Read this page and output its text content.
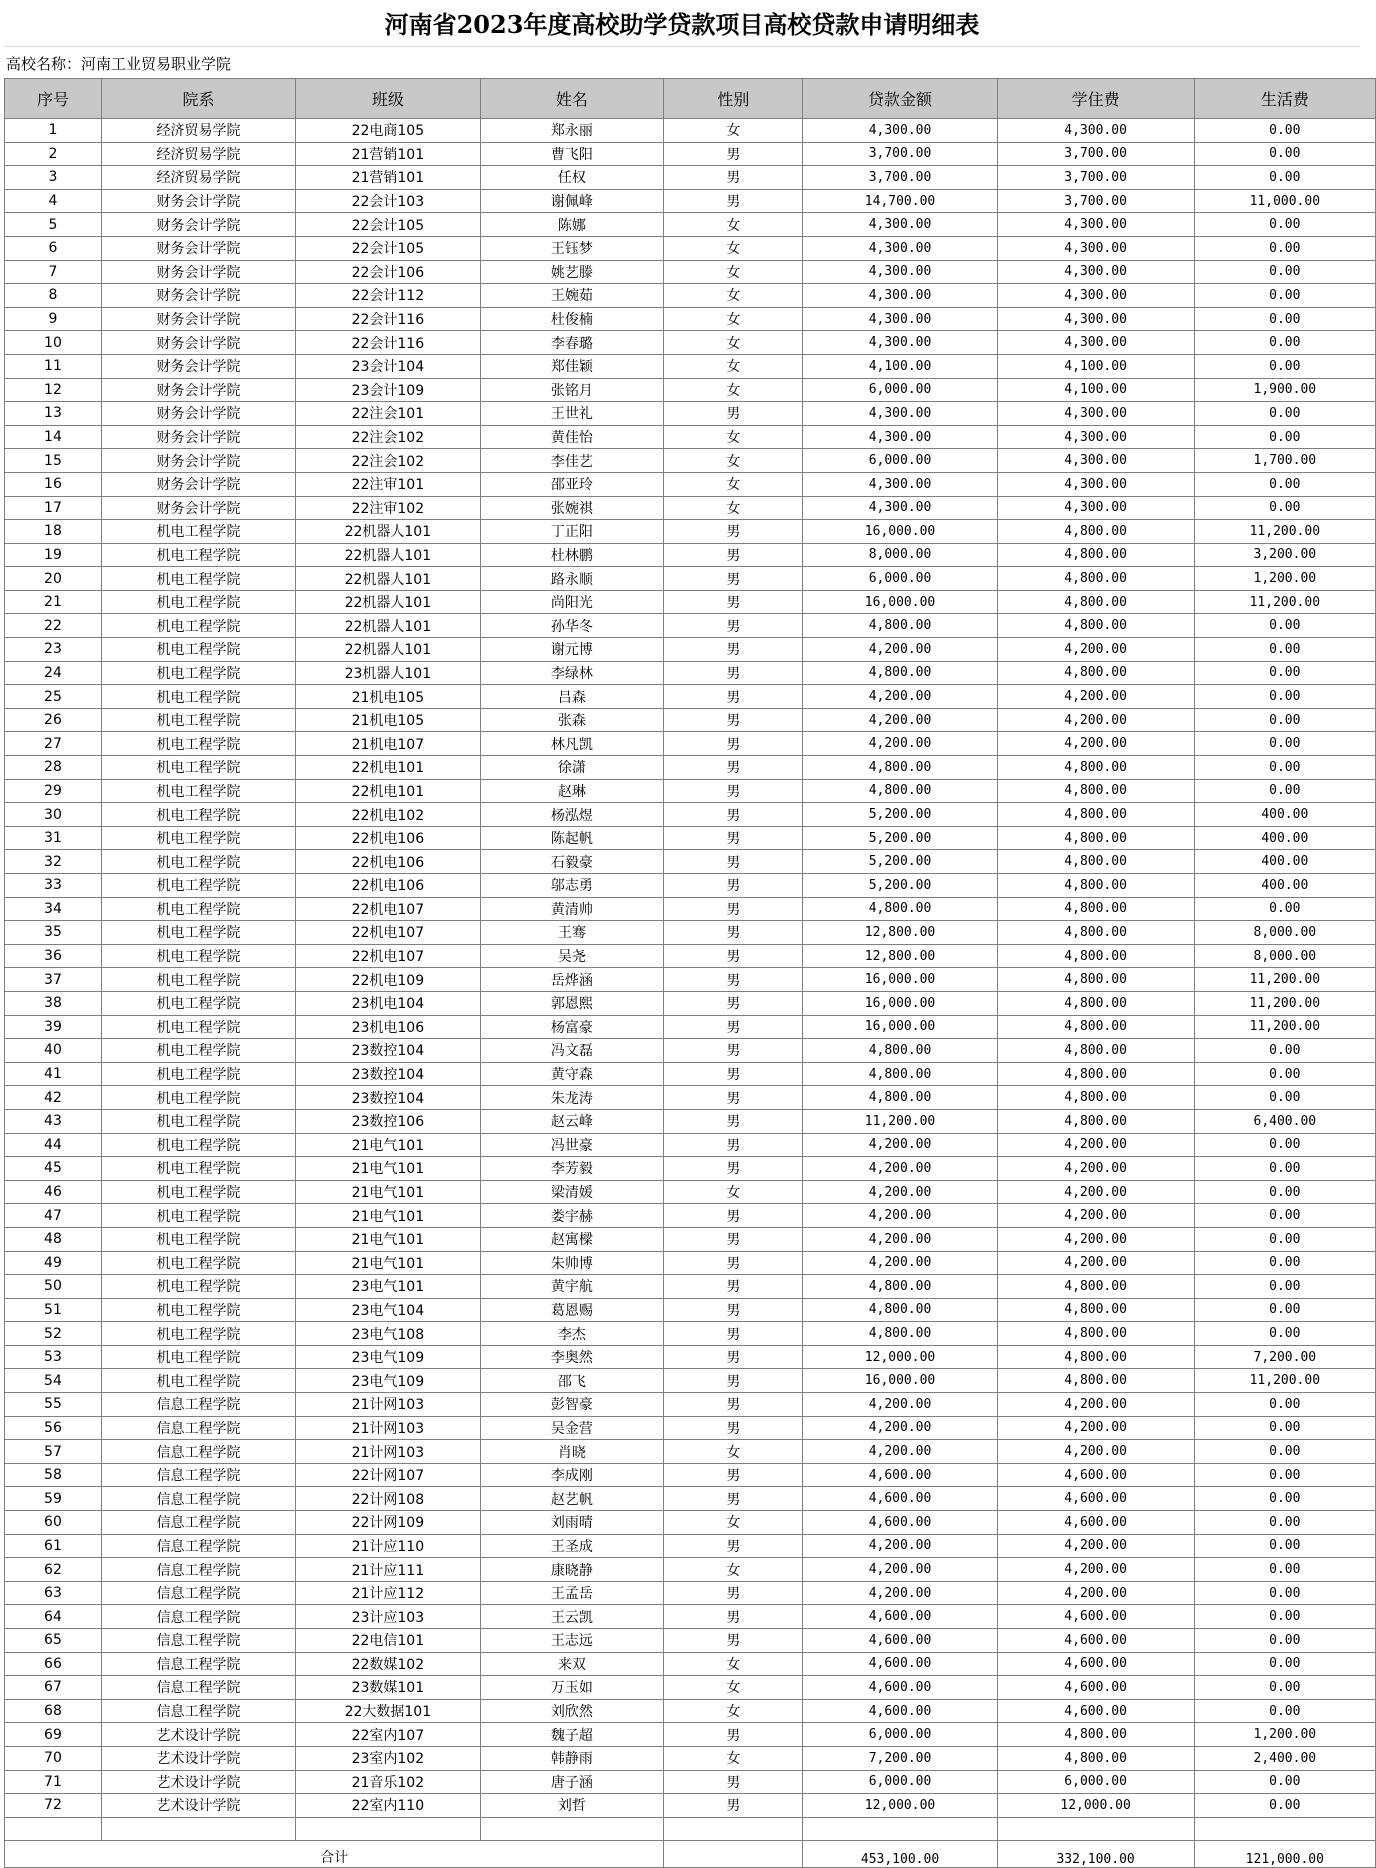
河南省2023年度高校助学贷款项目高校贷款申请明细表
高校名称：河南工业贸易职业学院
序号	院系	班级	姓名	性别	贷款金额	学住费	生活费
1	经济贸易学院	22电商105	郑永丽	女	4,300.00	4,300.00	0.00
2	经济贸易学院	21营销101	曹飞阳	男	3,700.00	3,700.00	0.00
3	经济贸易学院	21营销101	任权	男	3,700.00	3,700.00	0.00
4	财务会计学院	22会计103	谢佩峰	男	14,700.00	3,700.00	11,000.00
5	财务会计学院	22会计105	陈娜	女	4,300.00	4,300.00	0.00
6	财务会计学院	22会计105	王钰梦	女	4,300.00	4,300.00	0.00
7	财务会计学院	22会计106	姚艺滕	女	4,300.00	4,300.00	0.00
8	财务会计学院	22会计112	王婉茹	女	4,300.00	4,300.00	0.00
9	财务会计学院	22会计116	杜俊楠	女	4,300.00	4,300.00	0.00
10	财务会计学院	22会计116	李春璐	女	4,300.00	4,300.00	0.00
11	财务会计学院	23会计104	郑佳颖	女	4,100.00	4,100.00	0.00
12	财务会计学院	23会计109	张铭月	女	6,000.00	4,100.00	1,900.00
13	财务会计学院	22注会101	王世礼	男	4,300.00	4,300.00	0.00
14	财务会计学院	22注会102	黄佳怡	女	4,300.00	4,300.00	0.00
15	财务会计学院	22注会102	李佳艺	女	6,000.00	4,300.00	1,700.00
16	财务会计学院	22注审101	邵亚玲	女	4,300.00	4,300.00	0.00
17	财务会计学院	22注审102	张婉祺	女	4,300.00	4,300.00	0.00
18	机电工程学院	22机器人101	丁正阳	男	16,000.00	4,800.00	11,200.00
19	机电工程学院	22机器人101	杜林鹏	男	8,000.00	4,800.00	3,200.00
20	机电工程学院	22机器人101	路永顺	男	6,000.00	4,800.00	1,200.00
21	机电工程学院	22机器人101	尚阳光	男	16,000.00	4,800.00	11,200.00
22	机电工程学院	22机器人101	孙华冬	男	4,800.00	4,800.00	0.00
23	机电工程学院	22机器人101	谢元博	男	4,200.00	4,200.00	0.00
24	机电工程学院	23机器人101	李绿林	男	4,800.00	4,800.00	0.00
25	机电工程学院	21机电105	吕森	男	4,200.00	4,200.00	0.00
26	机电工程学院	21机电105	张森	男	4,200.00	4,200.00	0.00
27	机电工程学院	21机电107	林凡凯	男	4,200.00	4,200.00	0.00
28	机电工程学院	22机电101	徐潇	男	4,800.00	4,800.00	0.00
29	机电工程学院	22机电101	赵琳	男	4,800.00	4,800.00	0.00
30	机电工程学院	22机电102	杨泓煜	男	5,200.00	4,800.00	400.00
31	机电工程学院	22机电106	陈起帆	男	5,200.00	4,800.00	400.00
32	机电工程学院	22机电106	石毅豪	男	5,200.00	4,800.00	400.00
33	机电工程学院	22机电106	邬志勇	男	5,200.00	4,800.00	400.00
34	机电工程学院	22机电107	黄清帅	男	4,800.00	4,800.00	0.00
35	机电工程学院	22机电107	王骞	男	12,800.00	4,800.00	8,000.00
36	机电工程学院	22机电107	吴尧	男	12,800.00	4,800.00	8,000.00
37	机电工程学院	22机电109	岳烨涵	男	16,000.00	4,800.00	11,200.00
38	机电工程学院	23机电104	郭恩熙	男	16,000.00	4,800.00	11,200.00
39	机电工程学院	23机电106	杨富豪	男	16,000.00	4,800.00	11,200.00
40	机电工程学院	23数控104	冯文磊	男	4,800.00	4,800.00	0.00
41	机电工程学院	23数控104	黄守森	男	4,800.00	4,800.00	0.00
42	机电工程学院	23数控104	朱龙涛	男	4,800.00	4,800.00	0.00
43	机电工程学院	23数控106	赵云峰	男	11,200.00	4,800.00	6,400.00
44	机电工程学院	21电气101	冯世豪	男	4,200.00	4,200.00	0.00
45	机电工程学院	21电气101	李芳毅	男	4,200.00	4,200.00	0.00
46	机电工程学院	21电气101	梁清媛	女	4,200.00	4,200.00	0.00
47	机电工程学院	21电气101	娄宇赫	男	4,200.00	4,200.00	0.00
48	机电工程学院	21电气101	赵寓樑	男	4,200.00	4,200.00	0.00
49	机电工程学院	21电气101	朱帅博	男	4,200.00	4,200.00	0.00
50	机电工程学院	23电气101	黄宇航	男	4,800.00	4,800.00	0.00
51	机电工程学院	23电气104	葛恩赐	男	4,800.00	4,800.00	0.00
52	机电工程学院	23电气108	李杰	男	4,800.00	4,800.00	0.00
53	机电工程学院	23电气109	李奥然	男	12,000.00	4,800.00	7,200.00
54	机电工程学院	23电气109	邵飞	男	16,000.00	4,800.00	11,200.00
55	信息工程学院	21计网103	彭智豪	男	4,200.00	4,200.00	0.00
56	信息工程学院	21计网103	吴金营	男	4,200.00	4,200.00	0.00
57	信息工程学院	21计网103	肖晓	女	4,200.00	4,200.00	0.00
58	信息工程学院	22计网107	李成刚	男	4,600.00	4,600.00	0.00
59	信息工程学院	22计网108	赵艺帆	男	4,600.00	4,600.00	0.00
60	信息工程学院	22计网109	刘雨晴	女	4,600.00	4,600.00	0.00
61	信息工程学院	21计应110	王圣成	男	4,200.00	4,200.00	0.00
62	信息工程学院	21计应111	康晓静	女	4,200.00	4,200.00	0.00
63	信息工程学院	21计应112	王孟岳	男	4,200.00	4,200.00	0.00
64	信息工程学院	23计应103	王云凯	男	4,600.00	4,600.00	0.00
65	信息工程学院	22电信101	王志远	男	4,600.00	4,600.00	0.00
66	信息工程学院	22数媒102	来双	女	4,600.00	4,600.00	0.00
67	信息工程学院	23数媒101	万玉如	女	4,600.00	4,600.00	0.00
68	信息工程学院	22大数据101	刘欣然	女	4,600.00	4,600.00	0.00
69	艺术设计学院	22室内107	魏子超	男	6,000.00	4,800.00	1,200.00
70	艺术设计学院	23室内102	韩静雨	女	7,200.00	4,800.00	2,400.00
71	艺术设计学院	21音乐102	唐子涵	男	6,000.00	6,000.00	0.00
72	艺术设计学院	22室内110	刘哲	男	12,000.00	12,000.00	0.00

合计					453,100.00	332,100.00	121,000.00
